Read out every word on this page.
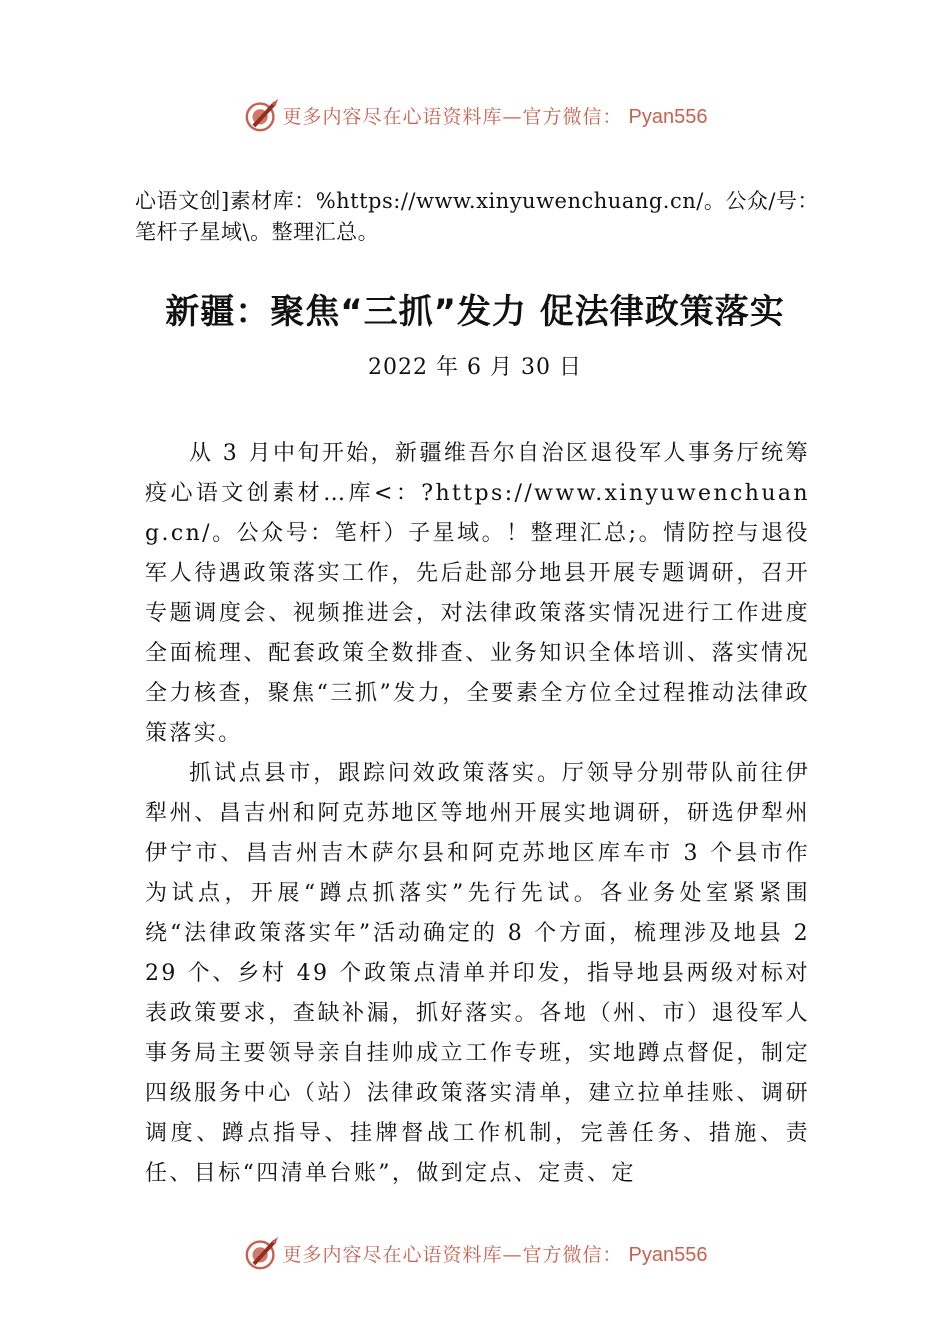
更多内容尽在心语资料库—官方微信： Pyan556
心语文创]素材库：%https://www.xinyuwenchuang.cn/。公众/号：笔杆子星域\。整理汇总。
新疆：聚焦“三抓”发力 促法律政策落实
2022 年 6 月 30 日

从 3 月中旬开始，新疆维吾尔自治区退役军人事务厅统筹疫心语文创素材…库<：?https://www.xinyuwenchuang.cn/。公众号：笔杆）子星域。！整理汇总;。情防控与退役军人待遇政策落实工作，先后赴部分地县开展专题调研，召开专题调度会、视频推进会，对法律政策落实情况进行工作进度全面梳理、配套政策全数排查、业务知识全体培训、落实情况全力核查，聚焦“三抓”发力，全要素全方位全过程推动法律政策落实。

抓试点县市，跟踪问效政策落实。厅领导分别带队前往伊犁州、昌吉州和阿克苏地区等地州开展实地调研，研选伊犁州伊宁市、昌吉州吉木萨尔县和阿克苏地区库车市 3 个县市作为试点，开展“蹲点抓落实”先行先试。各业务处室紧紧围绕“法律政策落实年”活动确定的 8 个方面，梳理涉及地县 229 个、乡村 49 个政策点清单并印发，指导地县两级对标对表政策要求，查缺补漏，抓好落实。各地（州、市）退役军人事务局主要领导亲自挂帅成立工作专班，实地蹲点督促，制定四级服务中心（站）法律政策落实清单，建立拉单挂账、调研调度、蹲点指导、挂牌督战工作机制，完善任务、措施、责任、目标“四清单台账”，做到定点、定责、定

更多内容尽在心语资料库—官方微信： Pyan556
